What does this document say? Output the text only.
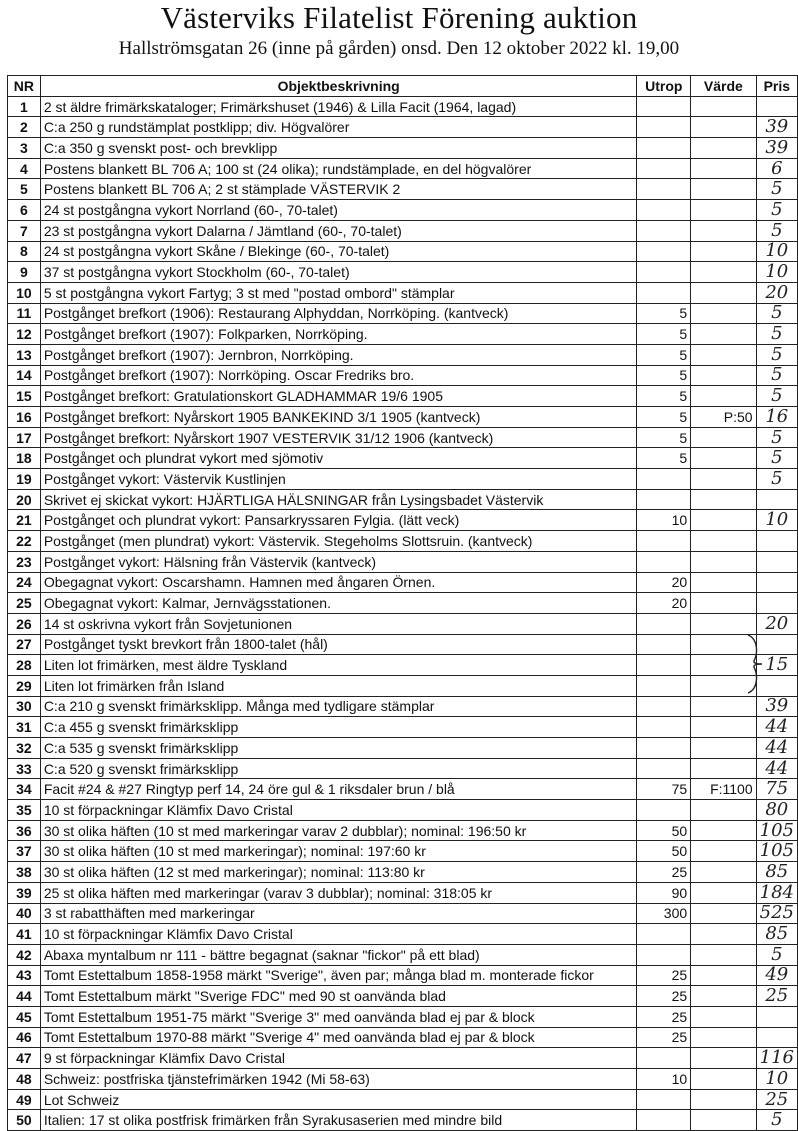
Västerviks Filatelist Förening auktion
Hallströmsgatan 26 (inne på gården) onsd. Den 12 oktober 2022 kl. 19,00
NR	Objektbeskrivning	Utrop	Värde	Pris
1	2 st äldre frimärkskataloger; Frimärkshuset (1946) & Lilla Facit (1964, lagad)			
2	C:a 250 g rundstämplat postklipp; div. Högvalörer			39
3	C:a 350 g svenskt post- och brevklipp			39
4	Postens blankett BL 706 A; 100 st (24 olika); rundstämplade, en del högvalörer			6
5	Postens blankett BL 706 A; 2 st stämplade VÄSTERVIK 2			5
6	24 st postgångna vykort Norrland (60-, 70-talet)			5
7	23 st postgångna vykort Dalarna / Jämtland (60-, 70-talet)			5
8	24 st postgångna vykort Skåne / Blekinge (60-, 70-talet)			10
9	37 st postgångna vykort Stockholm (60-, 70-talet)			10
10	5 st postgångna vykort Fartyg; 3 st med "postad ombord" stämplar			20
11	Postgånget brefkort (1906): Restaurang Alphyddan, Norrköping. (kantveck)	5		5
12	Postgånget brefkort (1907): Folkparken, Norrköping.	5		5
13	Postgånget brefkort (1907): Jernbron, Norrköping.	5		5
14	Postgånget brefkort (1907): Norrköping. Oscar Fredriks bro.	5		5
15	Postgånget brefkort: Gratulationskort GLADHAMMAR 19/6 1905	5		5
16	Postgånget brefkort: Nyårskort 1905 BANKEKIND 3/1 1905 (kantveck)	5	P:50	16
17	Postgånget brefkort: Nyårskort 1907 VESTERVIK 31/12 1906 (kantveck)	5		5
18	Postgånget och plundrat vykort med sjömotiv	5		5
19	Postgånget vykort: Västervik Kustlinjen			5
20	Skrivet ej skickat vykort: HJÄRTLIGA HÄLSNINGAR från Lysingsbadet Västervik			
21	Postgånget och plundrat vykort: Pansarkryssaren Fylgia. (lätt veck)	10		10
22	Postgånget (men plundrat) vykort: Västervik. Stegeholms Slottsruin. (kantveck)			
23	Postgånget vykort: Hälsning från Västervik (kantveck)			
24	Obegagnat vykort: Oscarshamn. Hamnen med ångaren Örnen.	20		
25	Obegagnat vykort: Kalmar, Jernvägsstationen.	20		
26	14 st oskrivna vykort från Sovjetunionen			20
27	Postgånget tyskt brevkort från 1800-talet (hål)			
28	Liten lot frimärken, mest äldre Tyskland			15
29	Liten lot frimärken från Island			
30	C:a 210 g svenskt frimärksklipp. Många med tydligare stämplar			39
31	C:a 455 g svenskt frimärksklipp			44
32	C:a 535 g svenskt frimärksklipp			44
33	C:a 520 g svenskt frimärksklipp			44
34	Facit #24 & #27 Ringtyp perf 14, 24 öre gul & 1 riksdaler brun / blå	75	F:1100	75
35	10 st förpackningar Klämfix Davo Cristal			80
36	30 st olika häften (10 st med markeringar varav 2 dubblar); nominal: 196:50 kr	50		105
37	30 st olika häften (10 st med markeringar); nominal: 197:60 kr	50		105
38	30 st olika häften (12 st med markeringar); nominal: 113:80 kr	25		85
39	25 st olika häften med markeringar (varav 3 dubblar); nominal: 318:05 kr	90		184
40	3 st rabatthäften med markeringar	300		525
41	10 st förpackningar Klämfix Davo Cristal			85
42	Abaxa myntalbum nr 111 - bättre begagnat (saknar "fickor" på ett blad)			5
43	Tomt Estettalbum 1858-1958 märkt "Sverige", även par; många blad m. monterade fickor	25		49
44	Tomt Estettalbum märkt "Sverige FDC" med 90 st oanvända blad	25		25
45	Tomt Estettalbum 1951-75 märkt "Sverige 3" med oanvända blad ej par & block	25		
46	Tomt Estettalbum 1970-88 märkt "Sverige 4" med oanvända blad ej par & block	25		
47	9 st förpackningar Klämfix Davo Cristal			116
48	Schweiz: postfriska tjänstefrimärken 1942 (Mi 58-63)	10		10
49	Lot Schweiz			25
50	Italien: 17 st olika postfrisk frimärken från Syrakusaserien med mindre bild			5
